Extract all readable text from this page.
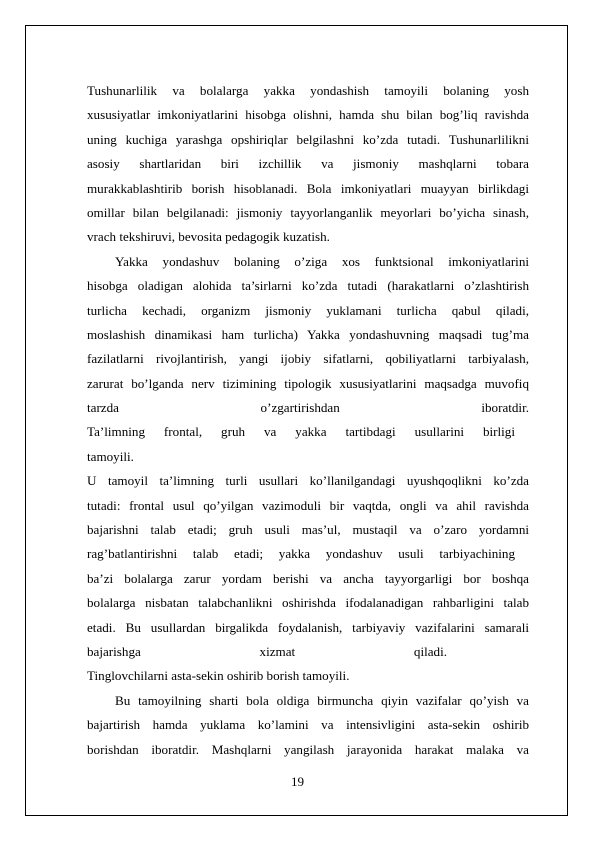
Tushunarlilik va bolalarga yakka yondashish tamoyili bolaning yosh
xususiyatlar imkoniyatlarini hisobga olishni, hamda shu bilan bog’liq ravishda
uning kuchiga yarashga opshiriqlar belgilashni ko’zda tutadi. Tushunarlilikni
asosiy shartlaridan biri izchillik va jismoniy mashqlarni tobara
murakkablashtirib borish hisoblanadi. Bola imkoniyatlari muayyan birlikdagi
omillar bilan belgilanadi: jismoniy tayyorlanganlik meyorlari bo’yicha sinash,
vrach tekshiruvi, bevosita pedagogik kuzatish.
Yakka yondashuv bolaning o’ziga xos funktsional imkoniyatlarini
hisobga oladigan alohida ta’sirlarni ko’zda tutadi (harakatlarni o’zlashtirish
turlicha kechadi, organizm jismoniy yuklamani turlicha qabul qiladi,
moslashish dinamikasi ham turlicha) Yakka yondashuvning maqsadi tug’ma
fazilatlarni rivojlantirish, yangi ijobiy sifatlarni, qobiliyatlarni tarbiyalash,
zarurat bo’lganda nerv tizimining tipologik xususiyatlarini maqsadga muvofiq
tarzda o’zgartirishdan iboratdir.
Ta’limning frontal, gruh va yakka tartibdagi usullarini birligi
tamoyili.
U tamoyil ta’limning turli usullari ko’llanilgandagi uyushqoqlikni ko’zda
tutadi: frontal usul qo’yilgan vazimoduli bir vaqtda, ongli va ahil ravishda
bajarishni talab etadi; gruh usuli mas’ul, mustaqil va o’zaro yordamni
rag’batlantirishni talab etadi; yakka yondashuv usuli tarbiyachining
ba’zi bolalarga zarur yordam berishi va ancha tayyorgarligi bor boshqa
bolalarga nisbatan talabchanlikni oshirishda ifodalanadigan rahbarligini talab
etadi. Bu usullardan birgalikda foydalanish, tarbiyaviy vazifalarini samarali
bajarishga xizmat qiladi.
Tinglovchilarni asta-sekin oshirib borish tamoyili.
Bu tamoyilning sharti bola oldiga birmuncha qiyin vazifalar qo’yish va
bajartirish hamda yuklama ko’lamini va intensivligini asta-sekin oshirib
borishdan iboratdir. Mashqlarni yangilash jarayonida harakat malaka va
19
